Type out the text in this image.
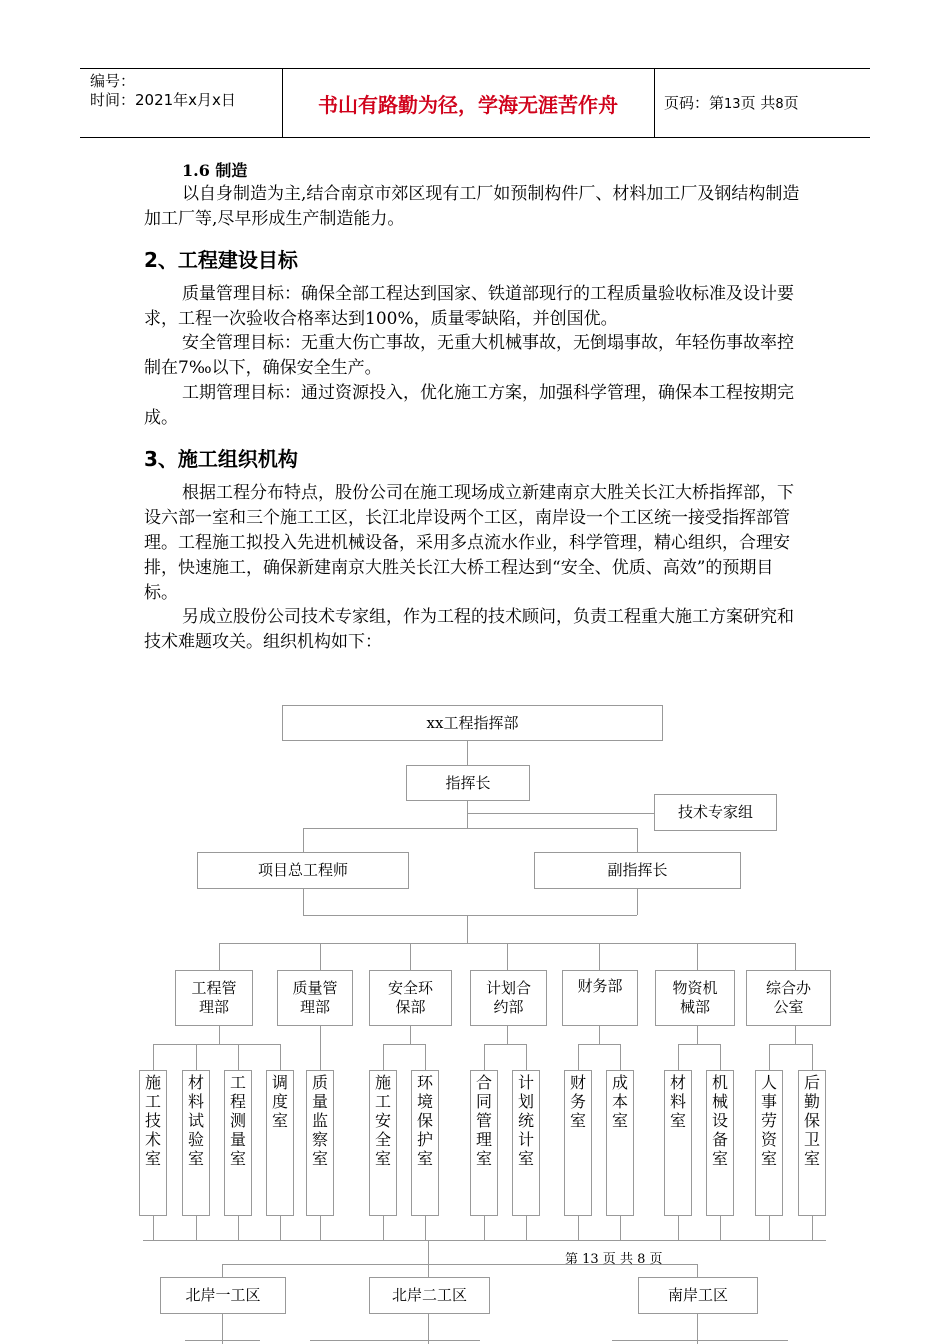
编号：
时间：2021年x月x日	书山有路勤为径，学海无涯苦作舟	页码：第13页 共8页
1.6 制造
以自身制造为主,结合南京市郊区现有工厂如预制构件厂、材料加工厂及钢结构制造加工厂等,尽早形成生产制造能力。
2、工程建设目标
质量管理目标：确保全部工程达到国家、铁道部现行的工程质量验收标准及设计要求，工程一次验收合格率达到100%，质量零缺陷，并创国优。
安全管理目标：无重大伤亡事故，无重大机械事故，无倒塌事故，年轻伤事故率控制在7‰以下，确保安全生产。
工期管理目标：通过资源投入，优化施工方案，加强科学管理，确保本工程按期完成。
3、施工组织机构
根据工程分布特点，股份公司在施工现场成立新建南京大胜关长江大桥指挥部，下设六部一室和三个施工工区，长江北岸设两个工区，南岸设一个工区统一接受指挥部管理。工程施工拟投入先进机械设备，采用多点流水作业，科学管理，精心组织，合理安排，快速施工，确保新建南京大胜关长江大桥工程达到“安全、优质、高效”的预期目标。
另成立股份公司技术专家组，作为工程的技术顾问，负责工程重大施工方案研究和技术难题攻关。组织机构如下：
xx工程指挥部
指挥长
技术专家组
项目总工程师	副指挥长
工程管理部
质量管理部
安全环保部
计划合约部
财务部	物资机械部
综合办公室
施工技术室
材料试验室
工程测量室
调度室
质量监察室
施工安全室
环境保护室
合同管理室
计划统计室
财务室
成本室
材料室
机械设备室
人事劳资室
后勤保卫室
北岸一工区	北岸二工区	南岸工区
第 13 页 共 8 页
